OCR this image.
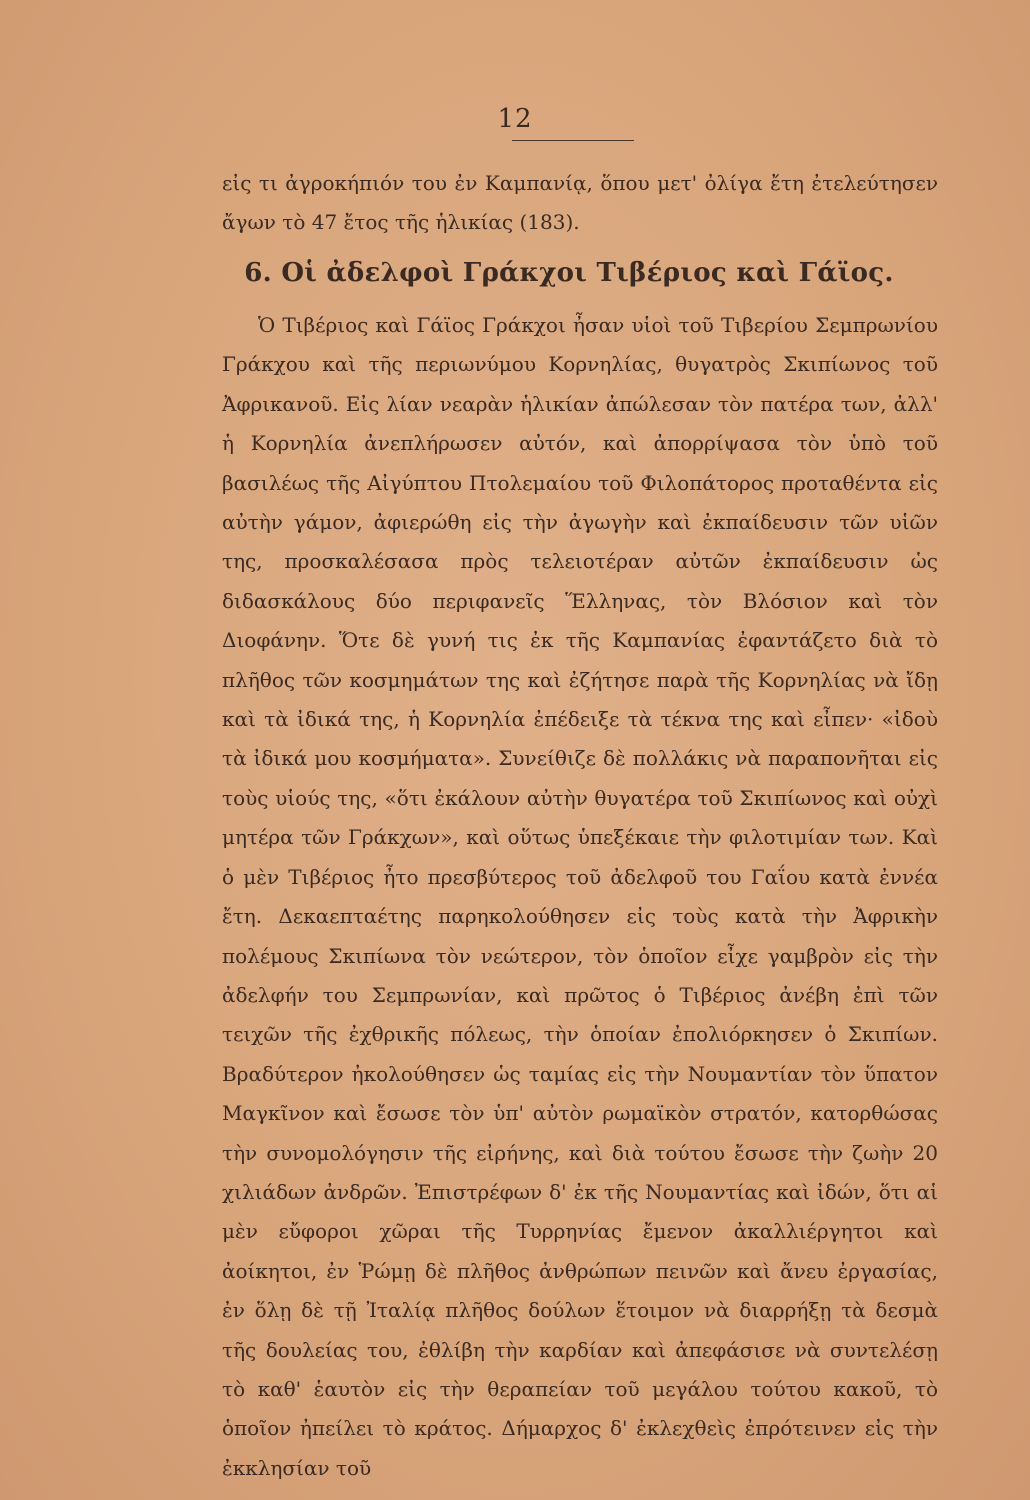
12

εἰς τι ἀγροκήπιόν του ἐν Καμπανίᾳ, ὅπου μετ' ὀλίγα ἔτη ἐτελεύτησεν ἄγων τὸ 47 ἔτος τῆς ἡλικίας (183).

6. Οἱ ἀδελφοὶ Γράκχοι Τιβέριος καὶ Γάϊος.

Ὁ Τιβέριος καὶ Γάϊος Γράκχοι ἦσαν υἱοὶ τοῦ Τιβερίου Σεμπρωνίου Γράκχου καὶ τῆς περιωνύμου Κορνηλίας, θυγατρὸς Σκιπίωνος τοῦ Ἀφρικανοῦ. Εἰς λίαν νεαρὰν ἡλικίαν ἀπώλεσαν τὸν πατέρα των, ἀλλ' ἡ Κορνηλία ἀνεπλήρωσεν αὐτόν, καὶ ἀπορρίψασα τὸν ὑπὸ τοῦ βασιλέως τῆς Αἰγύπτου Πτολεμαίου τοῦ Φιλοπάτορος προταθέντα εἰς αὐτὴν γάμον, ἀφιερώθη εἰς τὴν ἀγωγὴν καὶ ἐκπαίδευσιν τῶν υἱῶν της, προσκαλέσασα πρὸς τελειοτέραν αὐτῶν ἐκπαίδευσιν ὡς διδασκάλους δύο περιφανεῖς Ἕλληνας, τὸν Βλόσιον καὶ τὸν Διοφάνην. Ὅτε δὲ γυνή τις ἐκ τῆς Καμπανίας ἐφαντάζετο διὰ τὸ πλῆθος τῶν κοσμημάτων της καὶ ἐζήτησε παρὰ τῆς Κορνηλίας νὰ ἴδῃ καὶ τὰ ἰδικά της, ἡ Κορνηλία ἐπέδειξε τὰ τέκνα της καὶ εἶπεν· «ἰδοὺ τὰ ἰδικά μου κοσμήματα». Συνείθιζε δὲ πολλάκις νὰ παραπονῆται εἰς τοὺς υἱούς της, «ὅτι ἐκάλουν αὐτὴν θυγατέρα τοῦ Σκιπίωνος καὶ οὐχὶ μητέρα τῶν Γράκχων», καὶ οὕτως ὑπεξέκαιε τὴν φιλοτιμίαν των. Καὶ ὁ μὲν Τιβέριος ἦτο πρεσβύτερος τοῦ ἀδελφοῦ του Γαΐου κατὰ ἐννέα ἔτη. Δεκαεπταέτης παρηκολούθησεν εἰς τοὺς κατὰ τὴν Ἀφρικὴν πολέμους Σκιπίωνα τὸν νεώτερον, τὸν ὁποῖον εἶχε γαμβρὸν εἰς τὴν ἀδελφήν του Σεμπρωνίαν, καὶ πρῶτος ὁ Τιβέριος ἀνέβη ἐπὶ τῶν τειχῶν τῆς ἐχθρικῆς πόλεως, τὴν ὁποίαν ἐπολιόρκησεν ὁ Σκιπίων. Βραδύτερον ἠκολούθησεν ὡς ταμίας εἰς τὴν Νουμαντίαν τὸν ὕπατον Μαγκῖνον καὶ ἔσωσε τὸν ὑπ' αὐτὸν ρωμαϊκὸν στρατόν, κατορθώσας τὴν συνομολόγησιν τῆς εἰρήνης, καὶ διὰ τούτου ἔσωσε τὴν ζωὴν 20 χιλιάδων ἀνδρῶν. Ἐπιστρέφων δ' ἐκ τῆς Νουμαντίας καὶ ἰδών, ὅτι αἱ μὲν εὔφοροι χῶραι τῆς Τυρρηνίας ἔμενον ἀκαλλιέργητοι καὶ ἀοίκητοι, ἐν Ῥώμῃ δὲ πλῆθος ἀνθρώπων πεινῶν καὶ ἄνευ ἐργασίας, ἐν ὅλῃ δὲ τῇ Ἰταλίᾳ πλῆθος δούλων ἕτοιμον νὰ διαρρήξῃ τὰ δεσμὰ τῆς δουλείας του, ἐθλίβη τὴν καρδίαν καὶ ἀπεφάσισε νὰ συντελέσῃ τὸ καθ' ἑαυτὸν εἰς τὴν θεραπείαν τοῦ μεγάλου τούτου κακοῦ, τὸ ὁποῖον ἠπείλει τὸ κράτος. Δήμαρχος δ' ἐκλεχθεὶς ἐπρότεινεν εἰς τὴν ἐκκλησίαν τοῦ
